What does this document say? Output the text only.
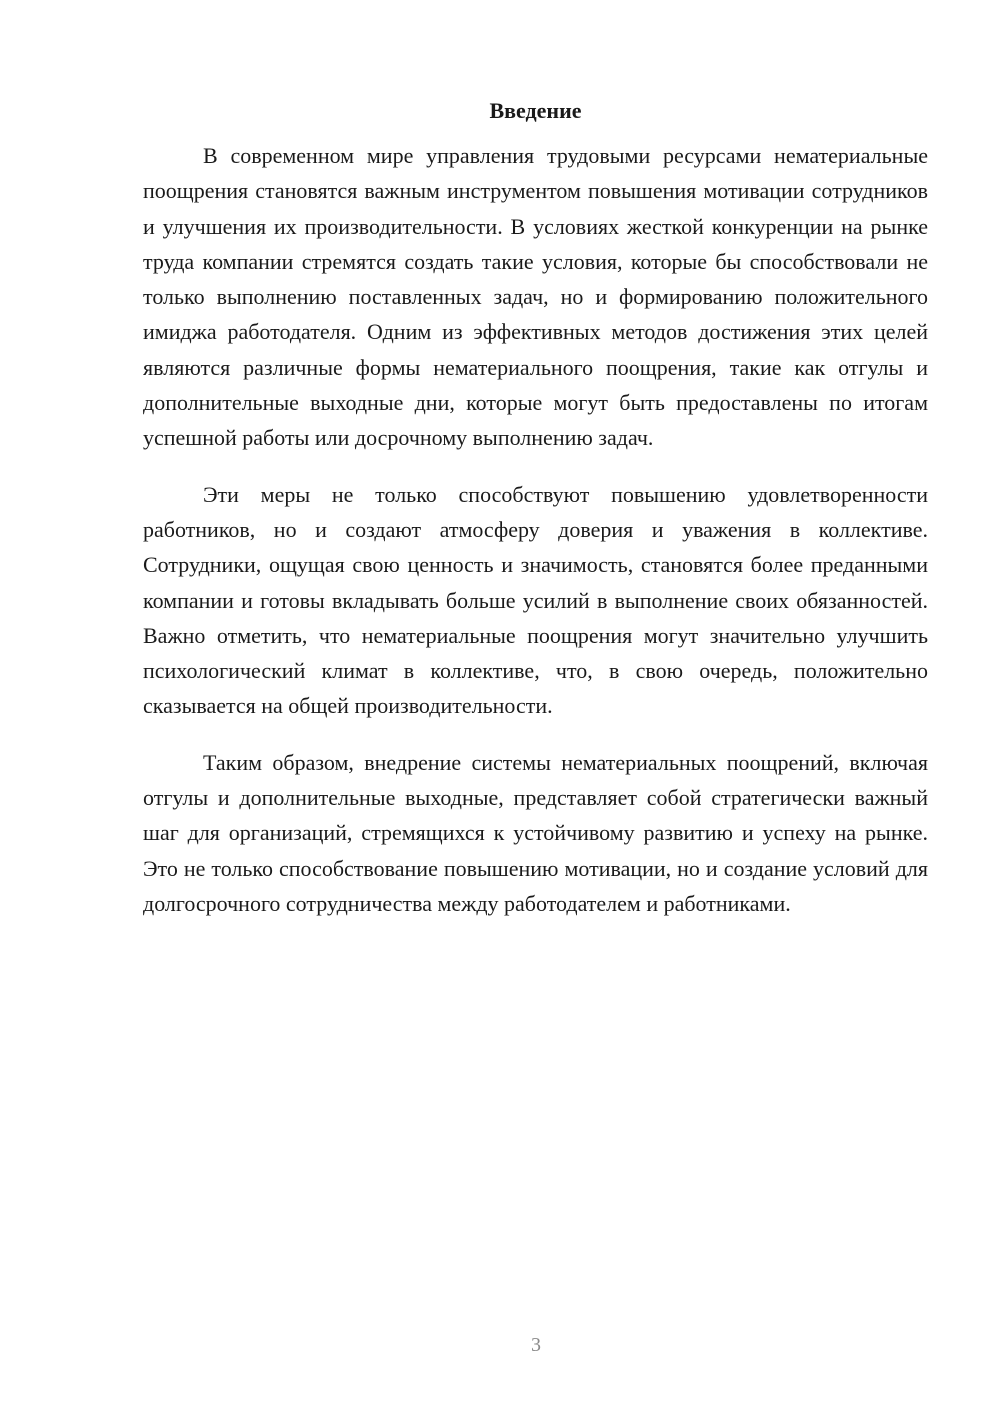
Введение

В современном мире управления трудовыми ресурсами нематериальные поощрения становятся важным инструментом повышения мотивации сотрудников и улучшения их производительности. В условиях жесткой конкуренции на рынке труда компании стремятся создать такие условия, которые бы способствовали не только выполнению поставленных задач, но и формированию положительного имиджа работодателя. Одним из эффективных методов достижения этих целей являются различные формы нематериального поощрения, такие как отгулы и дополнительные выходные дни, которые могут быть предоставлены по итогам успешной работы или досрочному выполнению задач.

Эти меры не только способствуют повышению удовлетворенности работников, но и создают атмосферу доверия и уважения в коллективе. Сотрудники, ощущая свою ценность и значимость, становятся более преданными компании и готовы вкладывать больше усилий в выполнение своих обязанностей. Важно отметить, что нематериальные поощрения могут значительно улучшить психологический климат в коллективе, что, в свою очередь, положительно сказывается на общей производительности.

Таким образом, внедрение системы нематериальных поощрений, включая отгулы и дополнительные выходные, представляет собой стратегически важный шаг для организаций, стремящихся к устойчивому развитию и успеху на рынке. Это не только способствование повышению мотивации, но и создание условий для долгосрочного сотрудничества между работодателем и работниками.

3
